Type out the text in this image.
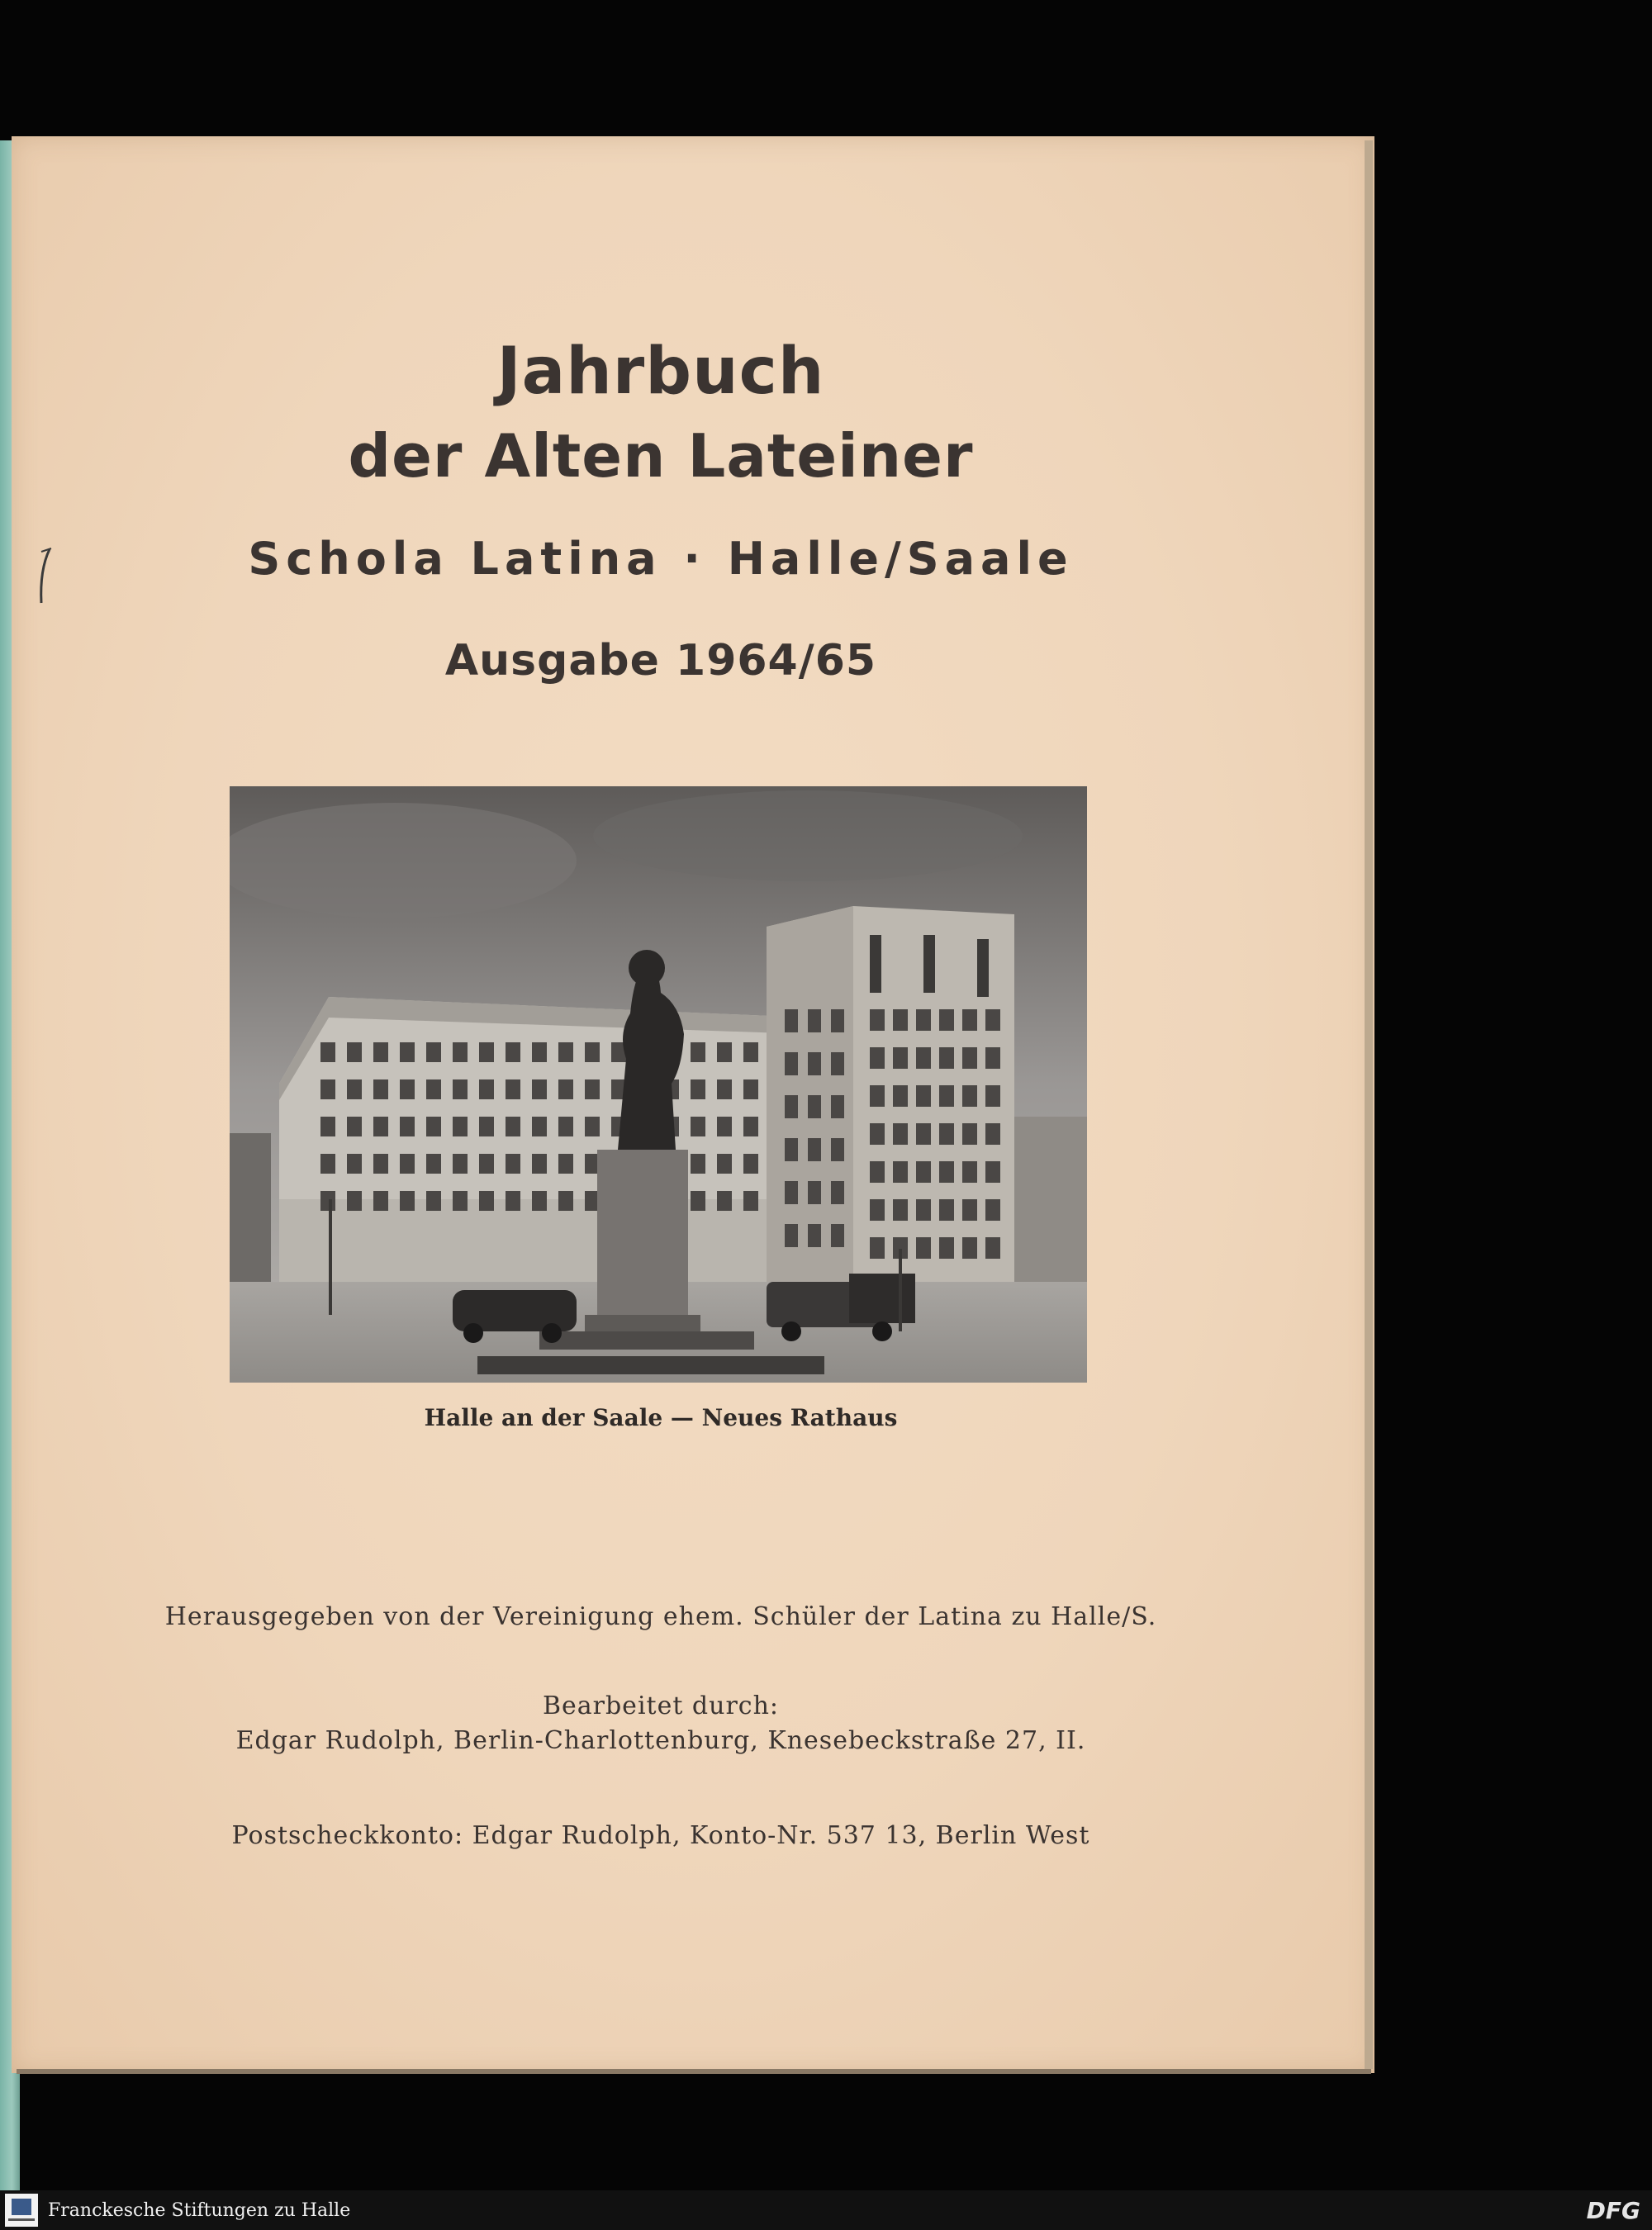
Jahrbuch
der Alten Lateiner
Schola Latina · Halle/Saale
Ausgabe 1964/65
Halle an der Saale — Neues Rathaus
Herausgegeben von der Vereinigung ehem. Schüler der Latina zu Halle/S.
Bearbeitet durch:
Edgar Rudolph, Berlin-Charlottenburg, Knesebeckstraße 27, II.
Postscheckkonto: Edgar Rudolph, Konto-Nr. 537 13, Berlin West
Franckesche Stiftungen zu Halle	DFG
